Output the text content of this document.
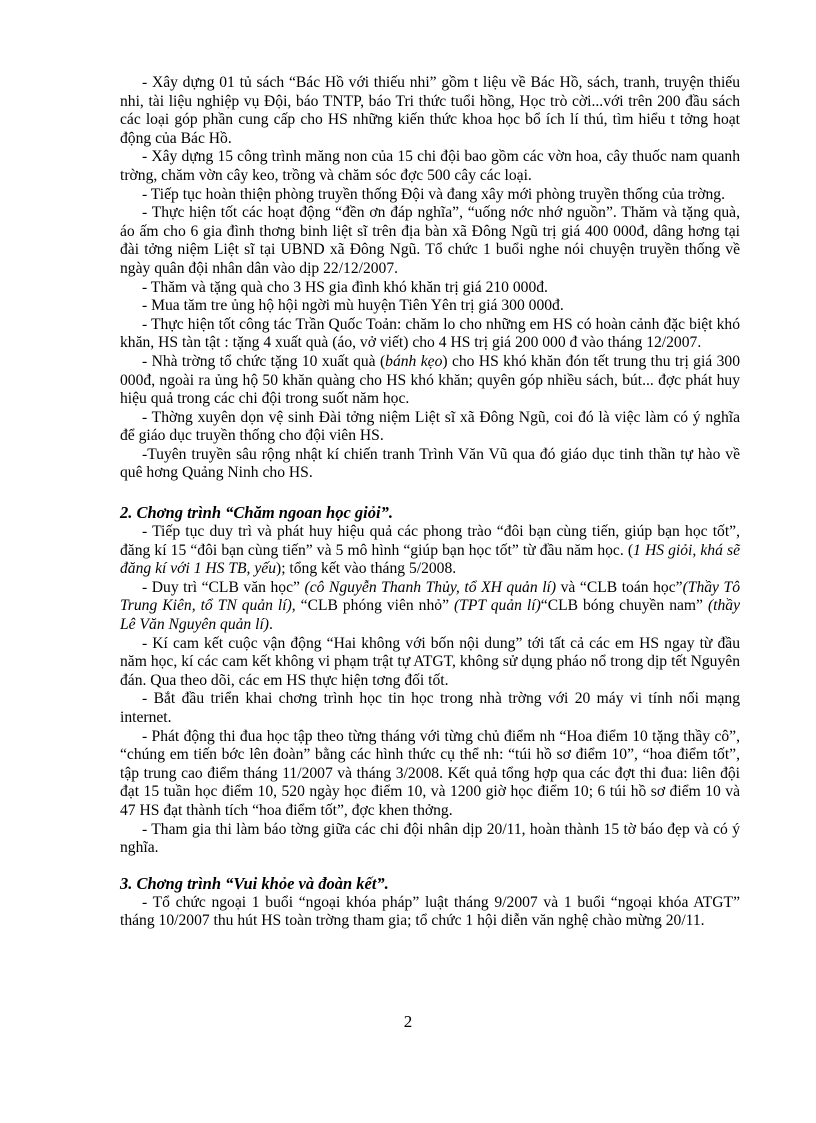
- Xây dựng 01 tủ sách “Bác Hồ với thiếu nhi” gồm t liệu về Bác Hồ, sách, tranh, truyện thiếu nhi, tài liệu nghiệp vụ Đội, báo TNTP, báo Tri thức tuổi hồng, Học trò cời...với trên 200 đầu sách các loại góp phần cung cấp cho HS những kiến thức khoa học bổ ích lí thú, tìm hiểu t tởng hoạt động của Bác Hồ.

- Xây dựng 15 công trình măng non của 15 chi đội bao gồm các vờn hoa, cây thuốc nam quanh trờng, chăm vờn cây keo, trồng và chăm sóc đợc 500 cây các loại.

- Tiếp tục hoàn thiện phòng truyền thống Đội và đang xây mới phòng truyền thống của trờng.

- Thực hiện tốt các hoạt động “đền ơn đáp nghĩa”, “uống nớc nhớ nguồn”. Thăm và tặng quà, áo ấm cho 6 gia đình thơng binh liệt sĩ trên địa bàn xã Đông Ngũ trị giá 400 000đ, dâng hơng tại đài tởng niệm Liệt sĩ tại UBND xã Đông Ngũ. Tổ chức 1 buổi nghe nói chuyện truyền thống về ngày quân đội nhân dân vào dịp 22/12/2007.

- Thăm và tặng quà cho 3 HS gia đình khó khăn trị giá 210 000đ.

- Mua tăm tre ủng hộ hội ngời mù huyện Tiên Yên trị giá 300 000đ.

- Thực hiện tốt công tác Trần Quốc Toản: chăm lo cho những em HS có hoàn cảnh đặc biệt khó khăn, HS tàn tật : tặng 4 xuất quà (áo, vở viết) cho 4 HS trị giá 200 000 đ vào tháng 12/2007.

- Nhà trờng tổ chức tặng 10 xuất quà (bánh kẹo) cho HS khó khăn đón tết trung thu trị giá 300 000đ, ngoài ra ủng hộ 50 khăn quàng cho HS khó khăn; quyên góp nhiều sách, bút... đợc phát huy hiệu quả trong các chi đội trong suốt năm học.

- Thờng xuyên dọn vệ sinh Đài tởng niệm Liệt sĩ xã Đông Ngũ, coi đó là việc làm có ý nghĩa để giáo dục truyền thống cho đội viên HS.

-Tuyên truyền sâu rộng nhật kí chiến tranh Trình Văn Vũ qua đó giáo dục tinh thần tự hào về quê hơng Quảng Ninh cho HS.

2. Chơng trình “Chăm ngoan học giỏi”.

- Tiếp tục duy trì và phát huy hiệu quả các phong trào “đôi bạn cùng tiến, giúp bạn học tốt”, đăng kí 15 “đôi bạn cùng tiến” và 5 mô hình “giúp bạn học tốt” từ đầu năm học. (1 HS giỏi, khá sẽ đăng kí với 1 HS TB, yếu); tổng kết vào tháng 5/2008.

- Duy trì “CLB văn học” (cô Nguyễn Thanh Thủy, tổ XH quản lí) và “CLB toán học”(Thầy Tô Trung Kiên, tổ TN quản lí), “CLB phóng viên nhỏ” (TPT quản lí)“CLB bóng chuyền nam” (thầy Lê Văn Nguyên quản lí).

- Kí cam kết cuộc vận động “Hai không với bốn nội dung” tới tất cả các em HS ngay từ đầu năm học, kí các cam kết không vi phạm trật tự ATGT, không sử dụng pháo nổ trong dịp tết Nguyên đán. Qua theo dõi, các em HS thực hiện tơng đối tốt.

- Bắt đầu triển khai chơng trình học tin học trong nhà trờng với 20 máy vi tính nối mạng internet.

- Phát động thi đua học tập theo từng tháng với từng chủ điểm nh “Hoa điểm 10 tặng thầy cô”, “chúng em tiến bớc lên đoàn” bằng các hình thức cụ thể nh: “túi hồ sơ điểm 10”, “hoa điểm tốt”, tập trung cao điểm tháng 11/2007 và tháng 3/2008. Kết quả tổng hợp qua các đợt thi đua: liên đội đạt 15 tuần học điểm 10, 520 ngày học điểm 10, và 1200 giờ học điểm 10; 6 túi hồ sơ điểm 10 và 47 HS đạt thành tích “hoa điểm tốt”, đợc khen thởng.

- Tham gia thi làm báo tờng giữa các chi đội nhân dịp 20/11, hoàn thành 15 tờ báo đẹp và có ý nghĩa.

3. Chơng trình “Vui khỏe và đoàn kết”.

- Tổ chức ngoại 1 buổi “ngoại khóa pháp” luật tháng 9/2007 và 1 buổi “ngoại khóa ATGT” tháng 10/2007 thu hút HS toàn trờng tham gia; tổ chức 1 hội diễn văn nghệ chào mừng 20/11.

2
